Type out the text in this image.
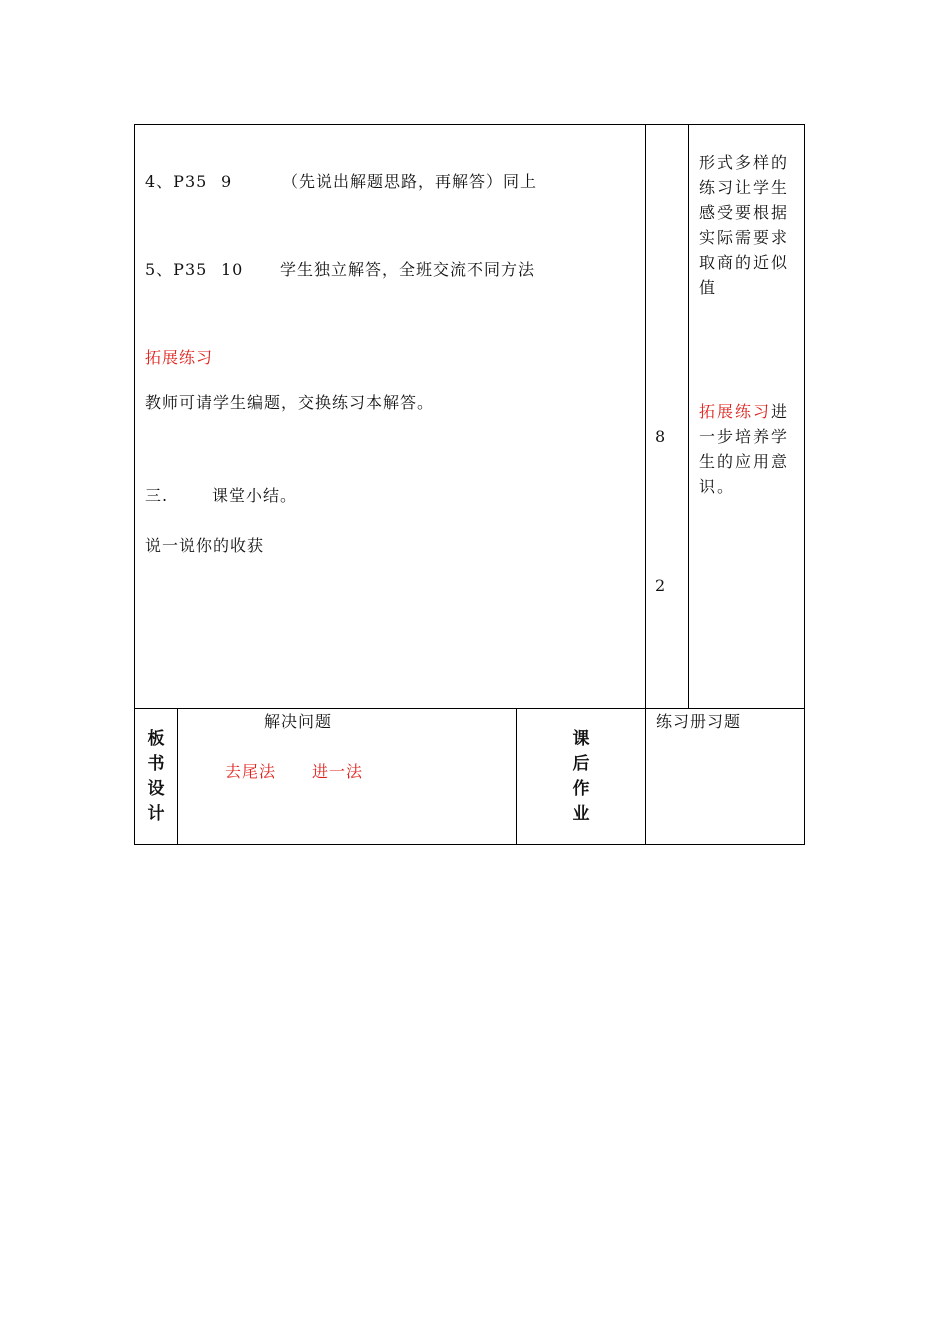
4、P35 9	（先说出解题思路，再解答）同上
5、P35 10 学生独立解答，全班交流不同方法
拓展练习
教师可请学生编题，交换练习本解答。
三.	课堂小结。
说一说你的收获
8
2
形式多样的练习让学生感受要根据实际需要求取商的近似值
拓展练习进一步培养学生的应用意识。
板书设计
解决问题
去尾法 进一法
课后作业
练习册习题
